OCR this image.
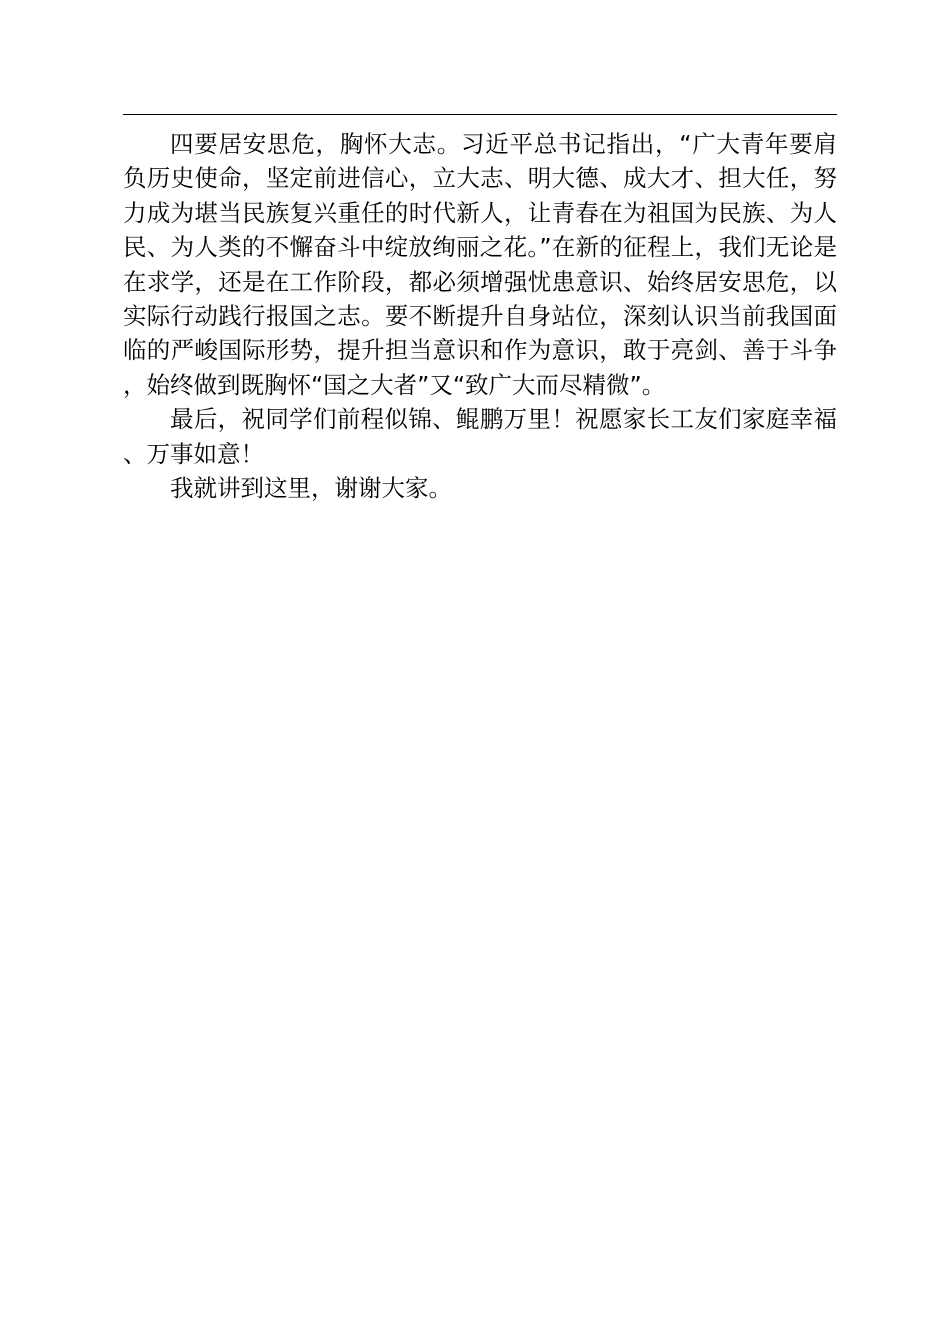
四要居安思危，胸怀大志。习近平总书记指出，“广大青年要肩负历史使命，坚定前进信心，立大志、明大德、成大才、担大任，努力成为堪当民族复兴重任的时代新人，让青春在为祖国为民族、为人民、为人类的不懈奋斗中绽放绚丽之花。”在新的征程上，我们无论是在求学，还是在工作阶段，都必须增强忧患意识、始终居安思危，以实际行动践行报国之志。要不断提升自身站位，深刻认识当前我国面临的严峻国际形势，提升担当意识和作为意识，敢于亮剑、善于斗争，始终做到既胸怀“国之大者”又“致广大而尽精微”。

最后，祝同学们前程似锦、鲲鹏万里！祝愿家长工友们家庭幸福、万事如意！

我就讲到这里，谢谢大家。
